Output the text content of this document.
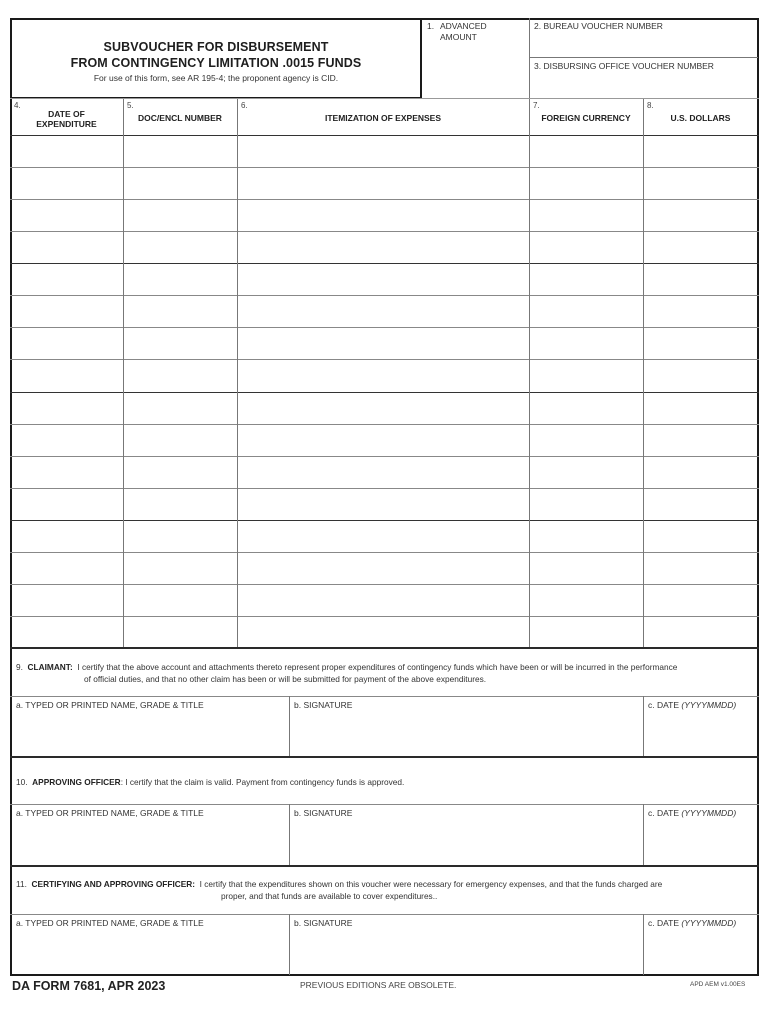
SUBVOUCHER FOR DISBURSEMENT
FROM CONTINGENCY LIMITATION .0015 FUNDS
For use of this form, see AR 195-4; the proponent agency is CID.
1. ADVANCED
AMOUNT
2. BUREAU VOUCHER NUMBER
3. DISBURSING OFFICE VOUCHER NUMBER
4.
DATE OF
EXPENDITURE
5.
DOC/ENCL NUMBER
6.
ITEMIZATION OF EXPENSES
7.
FOREIGN CURRENCY
8.
U.S. DOLLARS
9. CLAIMANT: I certify that the above account and attachments thereto represent proper expenditures of contingency funds which have been or will be incurred in the performance
of official duties, and that no other claim has been or will be submitted for payment of the above expenditures.
a. TYPED OR PRINTED NAME, GRADE & TITLE	b. SIGNATURE	c. DATE (YYYYMMDD)
10. APPROVING OFFICER: I certify that the claim is valid. Payment from contingency funds is approved.
a. TYPED OR PRINTED NAME, GRADE & TITLE	b. SIGNATURE	c. DATE (YYYYMMDD)
11. CERTIFYING AND APPROVING OFFICER: I certify that the expenditures shown on this voucher were necessary for emergency expenses, and that the funds charged are
proper, and that funds are available to cover expenditures..
a. TYPED OR PRINTED NAME, GRADE & TITLE	b. SIGNATURE	c. DATE (YYYYMMDD)
DA FORM 7681, APR 2023	PREVIOUS EDITIONS ARE OBSOLETE.	APD AEM v1.00ES
